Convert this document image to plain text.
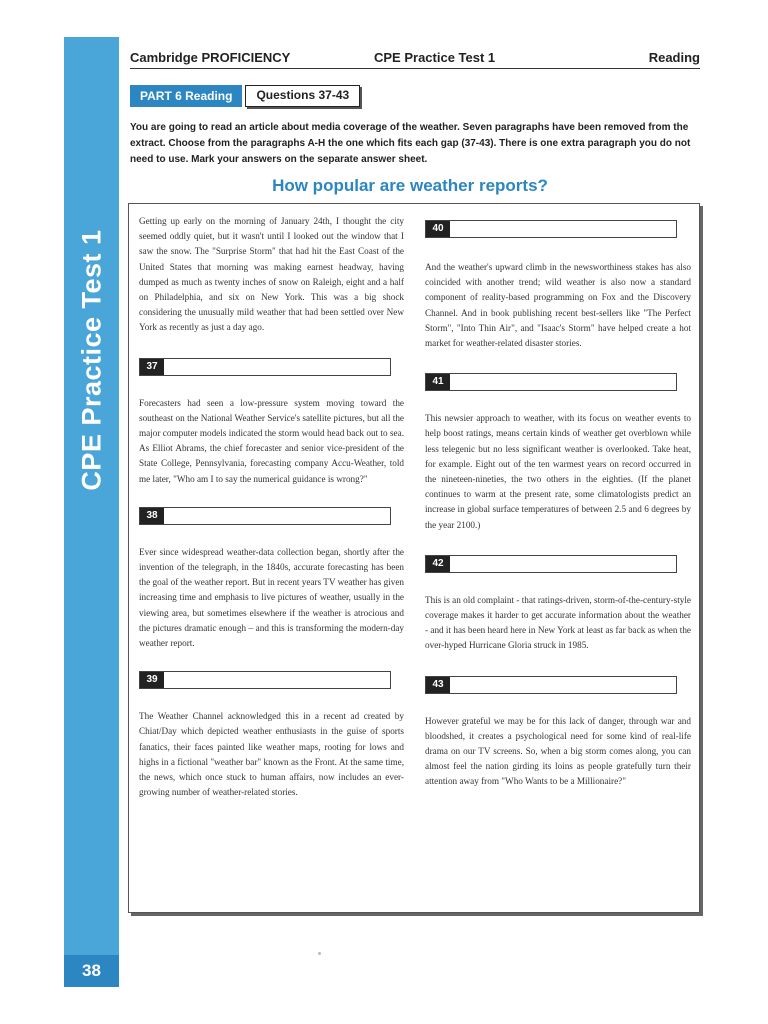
CPE Practice Test 1
38
Cambridge PROFICIENCY	CPE Practice Test 1	Reading
PART 6 Reading	Questions 37-43
You are going to read an article about media coverage of the weather. Seven paragraphs have been removed from the extract. Choose from the paragraphs A-H the one which fits each gap (37-43). There is one extra paragraph you do not need to use. Mark your answers on the separate answer sheet.
How popular are weather reports?

Getting up early on the morning of January 24th, I thought the city seemed oddly quiet, but it wasn't until I looked out the window that I saw the snow. The "Surprise Storm" that had hit the East Coast of the United States that morning was making earnest headway, having dumped as much as twenty inches of snow on Raleigh, eight and a half on Philadelphia, and six on New York. This was a big shock considering the unusually mild weather that had been settled over New York as recently as just a day ago.

37

Forecasters had seen a low-pressure system moving toward the southeast on the National Weather Service's satellite pictures, but all the major computer models indicated the storm would head back out to sea. As Elliot Abrams, the chief forecaster and senior vice-president of the State College, Pennsylvania, forecasting company Accu-Weather, told me later, "Who am I to say the numerical guidance is wrong?"

38

Ever since widespread weather-data collection began, shortly after the invention of the telegraph, in the 1840s, accurate forecasting has been the goal of the weather report. But in recent years TV weather has given increasing time and emphasis to live pictures of weather, usually in the viewing area, but sometimes elsewhere if the weather is atrocious and the pictures dramatic enough – and this is transforming the modern-day weather report.

39

The Weather Channel acknowledged this in a recent ad created by Chiat/Day which depicted weather enthusiasts in the guise of sports fanatics, their faces painted like weather maps, rooting for lows and highs in a fictional "weather bar" known as the Front. At the same time, the news, which once stuck to human affairs, now includes an ever-growing number of weather-related stories.

40

And the weather's upward climb in the newsworthiness stakes has also coincided with another trend; wild weather is also now a standard component of reality-based programming on Fox and the Discovery Channel. And in book publishing recent best-sellers like "The Perfect Storm", "Into Thin Air", and "Isaac's Storm" have helped create a hot market for weather-related disaster stories.

41

This newsier approach to weather, with its focus on weather events to help boost ratings, means certain kinds of weather get overblown while less telegenic but no less significant weather is overlooked. Take heat, for example. Eight out of the ten warmest years on record occurred in the nineteen-nineties, the two others in the eighties. (If the planet continues to warm at the present rate, some climatologists predict an increase in global surface temperatures of between 2.5 and 6 degrees by the year 2100.)

42

This is an old complaint - that ratings-driven, storm-of-the-century-style coverage makes it harder to get accurate information about the weather - and it has been heard here in New York at least as far back as when the over-hyped Hurricane Gloria struck in 1985.

43

However grateful we may be for this lack of danger, through war and bloodshed, it creates a psychological need for some kind of real-life drama on our TV screens. So, when a big storm comes along, you can almost feel the nation girding its loins as people gratefully turn their attention away from "Who Wants to be a Millionaire?"
